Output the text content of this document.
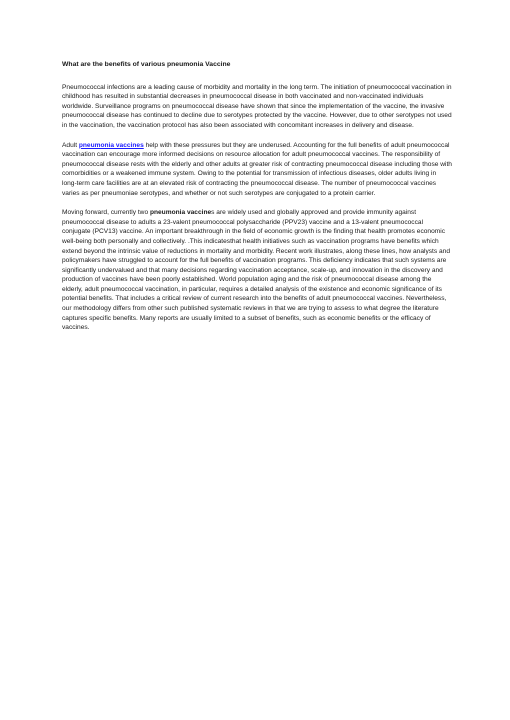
What are the benefits of various pneumonia Vaccine

Pneumococcal infections are a leading cause of morbidity and mortality in the long term. The initiation of pneumococcal vaccination in childhood has resulted in substantial decreases in pneumococcal disease in both vaccinated and non-vaccinated individuals worldwide. Surveillance programs on pneumococcal disease have shown that since the implementation of the vaccine, the invasive pneumococcal disease has continued to decline due to serotypes protected by the vaccine. However, due to other serotypes not used in the vaccination, the vaccination protocol has also been associated with concomitant increases in delivery and disease.

Adult pneumonia vaccines help with these pressures but they are underused. Accounting for the full benefits of adult pneumococcal vaccination can encourage more informed decisions on resource allocation for adult pneumococcal vaccines. The responsibility of pneumococcal disease rests with the elderly and other adults at greater risk of contracting pneumococcal disease including those with comorbidities or a weakened immune system. Owing to the potential for transmission of infectious diseases, older adults living in long-term care facilities are at an elevated risk of contracting the pneumococcal disease. The number of pneumococcal vaccines varies as per pneumoniae serotypes, and whether or not such serotypes are conjugated to a protein carrier.

Moving forward, currently two pneumonia vaccines are widely used and globally approved and provide immunity against pneumococcal disease to adults a 23-valent pneumococcal polysaccharide (PPV23) vaccine and a 13-valent pneumococcal conjugate (PCV13) vaccine. An important breakthrough in the field of economic growth is the finding that health promotes economic well-being both personally and collectively. .This indicatesthat health initiatives such as vaccination programs have benefits which extend beyond the intrinsic value of reductions in mortality and morbidity. Recent work illustrates, along these lines, how analysts and policymakers have struggled to account for the full benefits of vaccination programs. This deficiency indicates that such systems are significantly undervalued and that many decisions regarding vaccination acceptance, scale-up, and innovation in the discovery and production of vaccines have been poorly established. World population aging and the risk of pneumococcal disease among the elderly, adult pneumococcal vaccination, in particular, requires a detailed analysis of the existence and economic significance of its potential benefits. That includes a critical review of current research into the benefits of adult pneumococcal vaccines. Nevertheless, our methodology differs from other such published systematic reviews in that we are trying to assess to what degree the literature captures specific benefits. Many reports are usually limited to a subset of benefits, such as economic benefits or the efficacy of vaccines.
